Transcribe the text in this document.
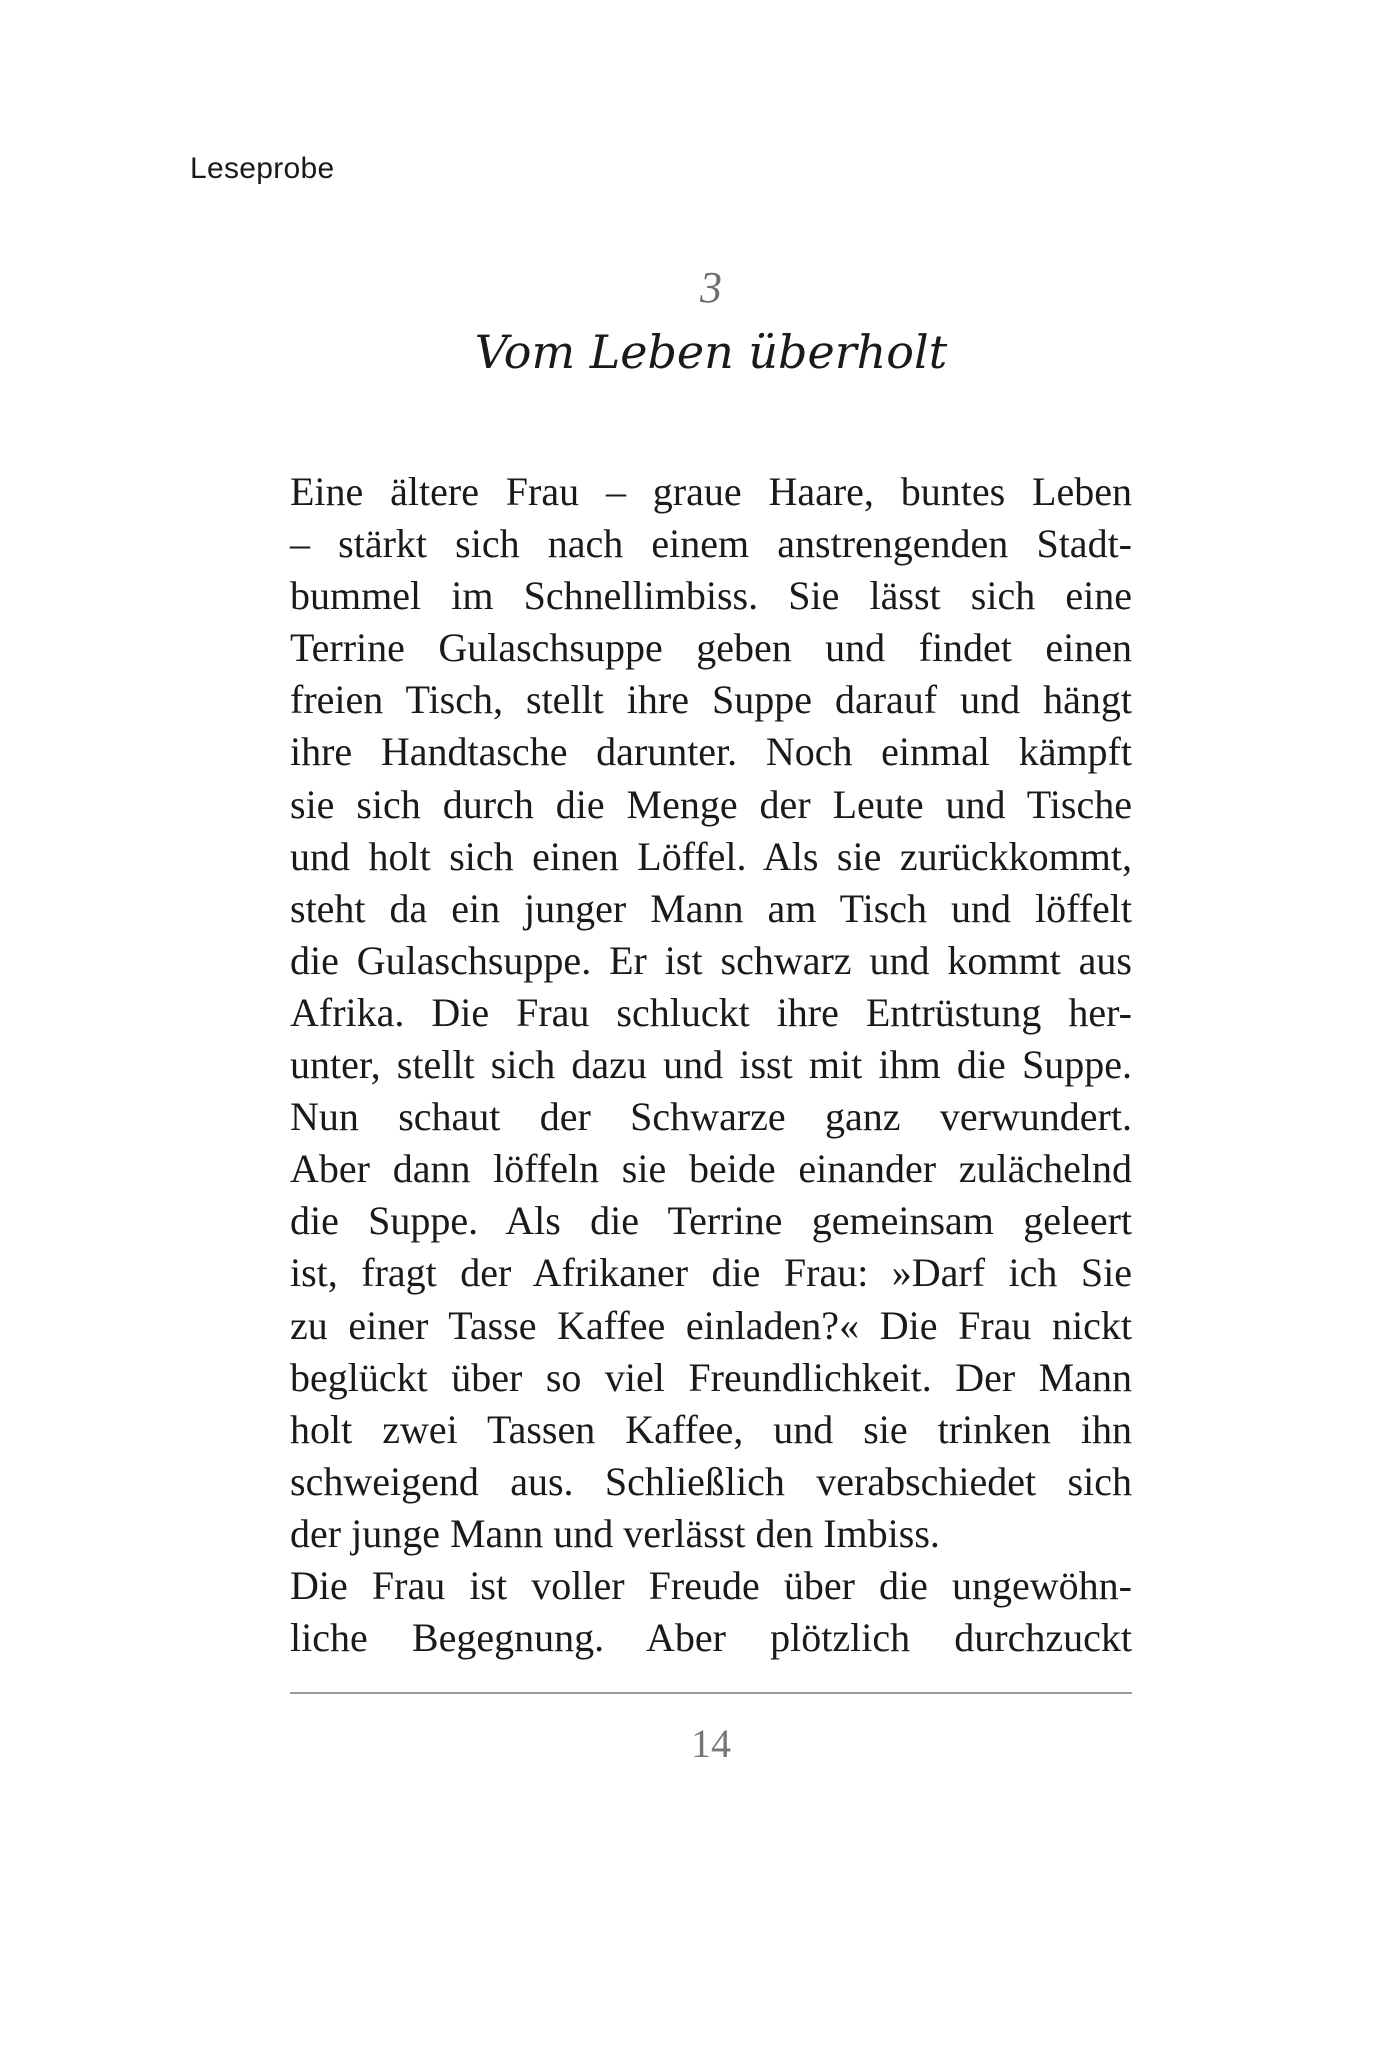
Leseprobe
3
Vom Leben überholt
Eine ältere Frau – graue Haare, buntes Leben
– stärkt sich nach einem anstrengenden Stadt-
bummel im Schnellimbiss. Sie lässt sich eine
Terrine Gulaschsuppe geben und findet einen
freien Tisch, stellt ihre Suppe darauf und hängt
ihre Handtasche darunter. Noch einmal kämpft
sie sich durch die Menge der Leute und Tische
und holt sich einen Löffel. Als sie zurückkommt,
steht da ein junger Mann am Tisch und löffelt
die Gulaschsuppe. Er ist schwarz und kommt aus
Afrika. Die Frau schluckt ihre Entrüstung her-
unter, stellt sich dazu und isst mit ihm die Suppe.
Nun schaut der Schwarze ganz verwundert.
Aber dann löffeln sie beide einander zulächelnd
die Suppe. Als die Terrine gemeinsam geleert
ist, fragt der Afrikaner die Frau: »Darf ich Sie
zu einer Tasse Kaffee einladen?« Die Frau nickt
beglückt über so viel Freundlichkeit. Der Mann
holt zwei Tassen Kaffee, und sie trinken ihn
schweigend aus. Schließlich verabschiedet sich
der junge Mann und verlässt den Imbiss.
Die Frau ist voller Freude über die ungewöhn-
liche Begegnung. Aber plötzlich durchzuckt
14
